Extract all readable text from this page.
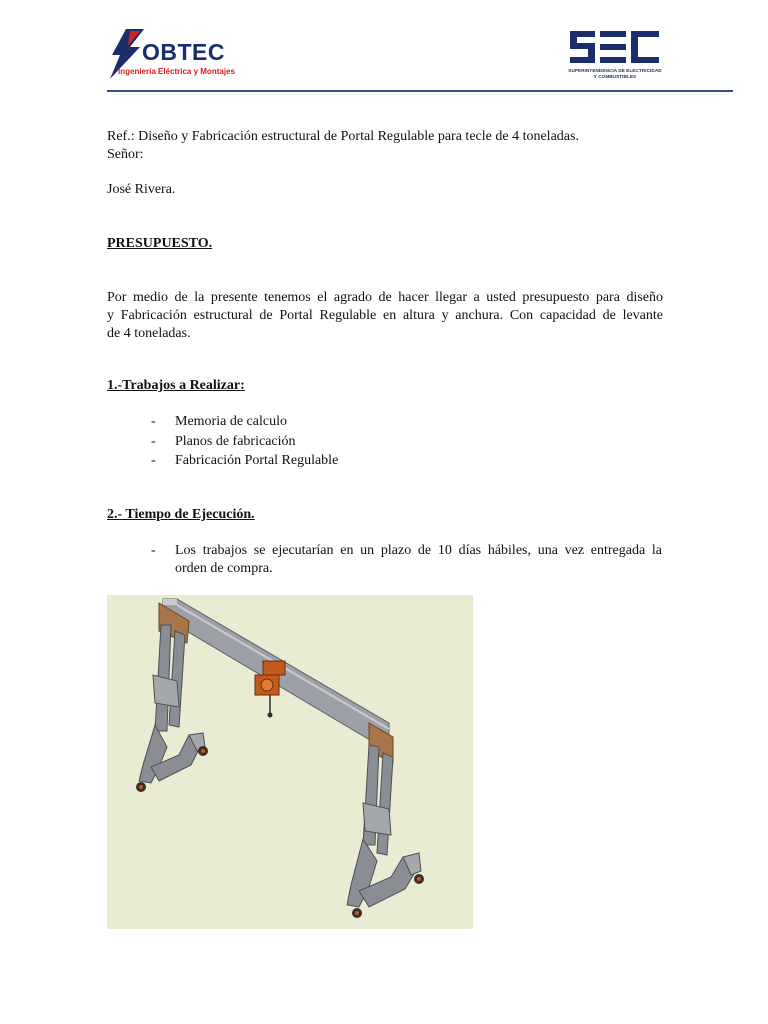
OBTEC
Ingeniería Eléctrica y Montajes	SUPERINTENDENCIA DE ELECTRICIDAD
Y COMBUSTIBLES
Ref.: Diseño y Fabricación estructural de Portal Regulable para tecle de 4 toneladas.
Señor:
José Rivera.
PRESUPUESTO.
Por medio de la presente tenemos el agrado de hacer llegar a usted presupuesto para diseño
y Fabricación estructural de Portal Regulable en altura y anchura. Con capacidad de levante
de 4 toneladas.
1.-Trabajos a Realizar:
- Memoria de calculo
- Planos de fabricación
- Fabricación Portal Regulable
2.- Tiempo de Ejecución.
- Los trabajos se ejecutarían en un plazo de 10 días hábiles, una vez entregada la
orden de compra.
